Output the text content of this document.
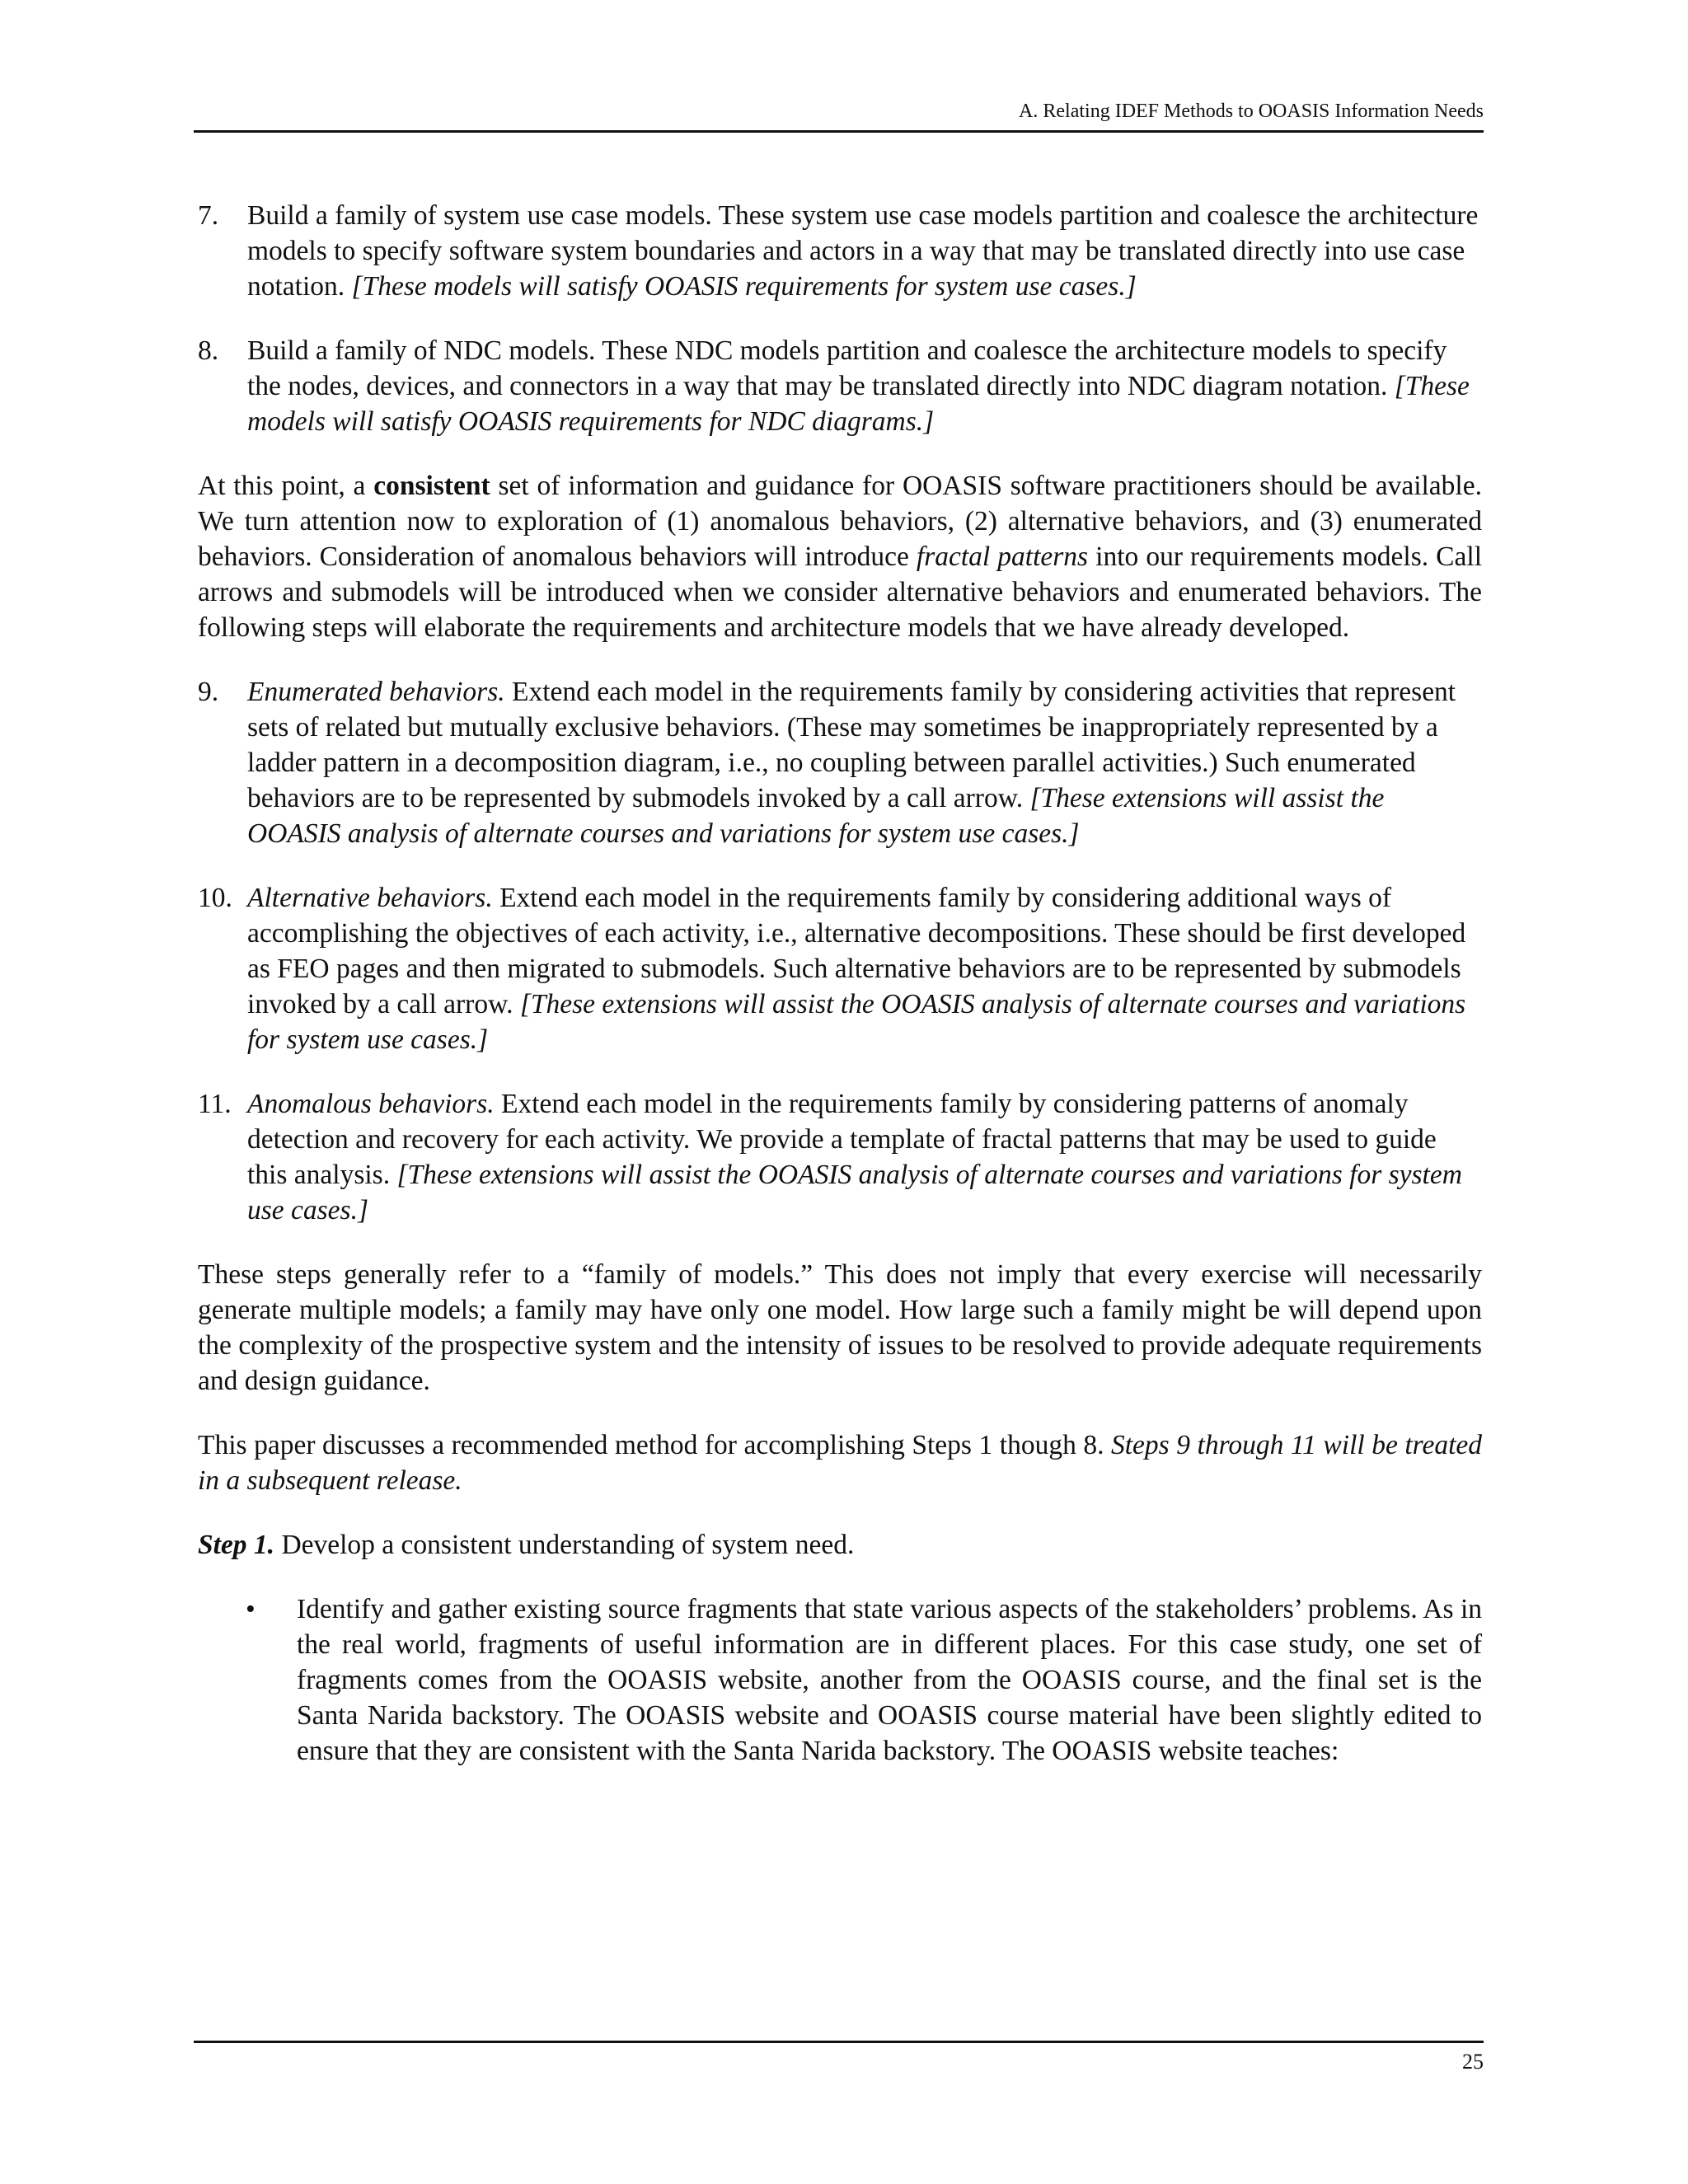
A. Relating IDEF Methods to OOASIS Information Needs
7. Build a family of system use case models. These system use case models partition and coalesce the architecture models to specify software system boundaries and actors in a way that may be translated directly into use case notation. [These models will satisfy OOASIS requirements for system use cases.]
8. Build a family of NDC models. These NDC models partition and coalesce the architecture models to specify the nodes, devices, and connectors in a way that may be translated directly into NDC diagram notation. [These models will satisfy OOASIS requirements for NDC diagrams.]

At this point, a consistent set of information and guidance for OOASIS software practitioners should be available. We turn attention now to exploration of (1) anomalous behaviors, (2) alternative behaviors, and (3) enumerated behaviors. Consideration of anomalous behaviors will introduce fractal patterns into our requirements models. Call arrows and submodels will be introduced when we consider alternative behaviors and enumerated behaviors. The following steps will elaborate the requirements and architecture models that we have already developed.

9. Enumerated behaviors. Extend each model in the requirements family by considering activities that represent sets of related but mutually exclusive behaviors. (These may sometimes be inappropriately represented by a ladder pattern in a decomposition diagram, i.e., no coupling between parallel activities.) Such enumerated behaviors are to be represented by submodels invoked by a call arrow. [These extensions will assist the OOASIS analysis of alternate courses and variations for system use cases.]
10. Alternative behaviors. Extend each model in the requirements family by considering additional ways of accomplishing the objectives of each activity, i.e., alternative decompositions. These should be first developed as FEO pages and then migrated to submodels. Such alternative behaviors are to be represented by submodels invoked by a call arrow. [These extensions will assist the OOASIS analysis of alternate courses and variations for system use cases.]
11. Anomalous behaviors. Extend each model in the requirements family by considering patterns of anomaly detection and recovery for each activity. We provide a template of fractal patterns that may be used to guide this analysis. [These extensions will assist the OOASIS analysis of alternate courses and variations for system use cases.]

These steps generally refer to a “family of models.” This does not imply that every exercise will necessarily generate multiple models; a family may have only one model. How large such a family might be will depend upon the complexity of the prospective system and the intensity of issues to be resolved to provide adequate requirements and design guidance.

This paper discusses a recommended method for accomplishing Steps 1 though 8. Steps 9 through 11 will be treated in a subsequent release.

Step 1. Develop a consistent understanding of system need.

• Identify and gather existing source fragments that state various aspects of the stakeholders’ problems. As in the real world, fragments of useful information are in different places. For this case study, one set of fragments comes from the OOASIS website, another from the OOASIS course, and the final set is the Santa Narida backstory. The OOASIS website and OOASIS course material have been slightly edited to ensure that they are consistent with the Santa Narida backstory. The OOASIS website teaches:
25
